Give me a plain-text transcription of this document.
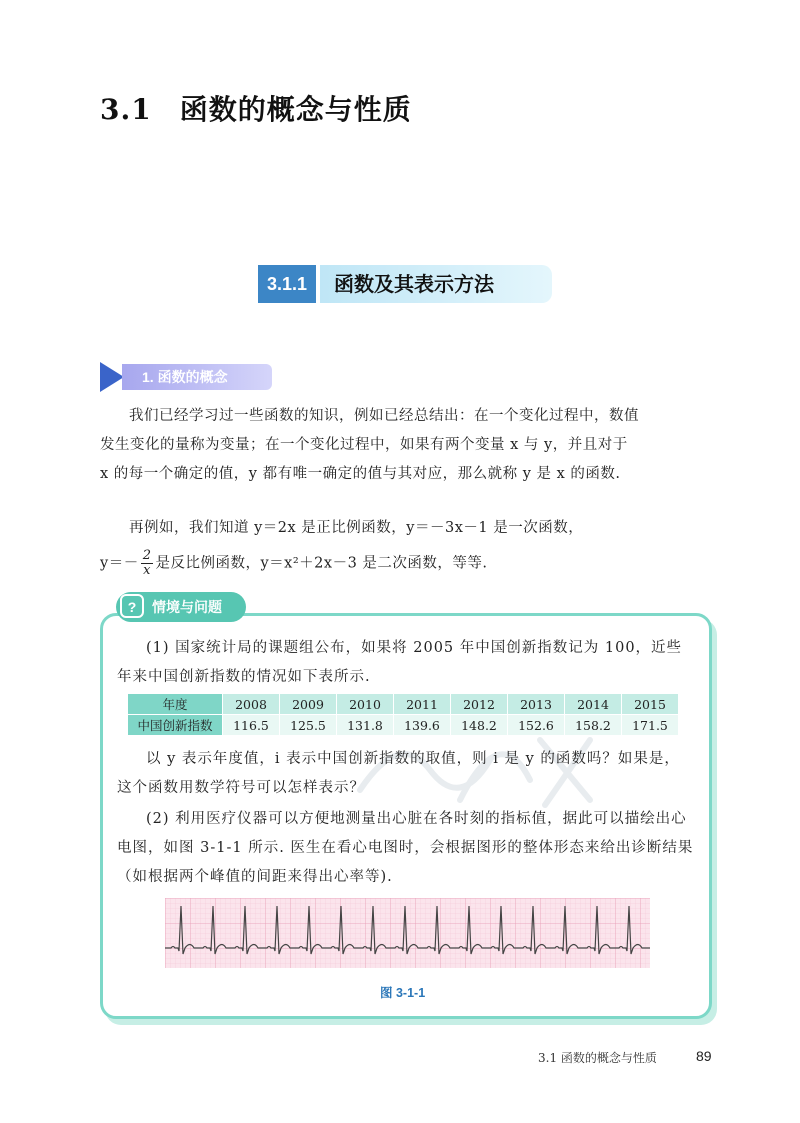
3.1 函数的概念与性质
3.1.1	函数及其表示方法
1. 函数的概念

我们已经学习过一些函数的知识，例如已经总结出：在一个变化过程中，数值发生变化的量称为变量；在一个变化过程中，如果有两个变量 x 与 y，并且对于 x 的每一个确定的值，y 都有唯一确定的值与其对应，那么就称 y 是 x 的函数.

再例如，我们知道 y＝2x 是正比例函数，y＝－3x－1 是一次函数，

$y=- \frac{2}{x}$ 是反比例函数，y＝x²＋2x－3 是二次函数，等等.

?	情境与问题

(1) 国家统计局的课题组公布，如果将 2005 年中国创新指数记为 100，近些年来中国创新指数的情况如下表所示.

年度	2008	2009	2010	2011	2012	2013	2014	2015
中国创新指数	116.5	125.5	131.8	139.6	148.2	152.6	158.2	171.5

以 y 表示年度值，i 表示中国创新指数的取值，则 i 是 y 的函数吗？如果是，这个函数用数学符号可以怎样表示？

(2) 利用医疗仪器可以方便地测量出心脏在各时刻的指标值，据此可以描绘出心电图，如图 3-1-1 所示. 医生在看心电图时，会根据图形的整体形态来给出诊断结果（如根据两个峰值的间距来得出心率等).

图 3-1-1
3.1 函数的概念与性质	89
